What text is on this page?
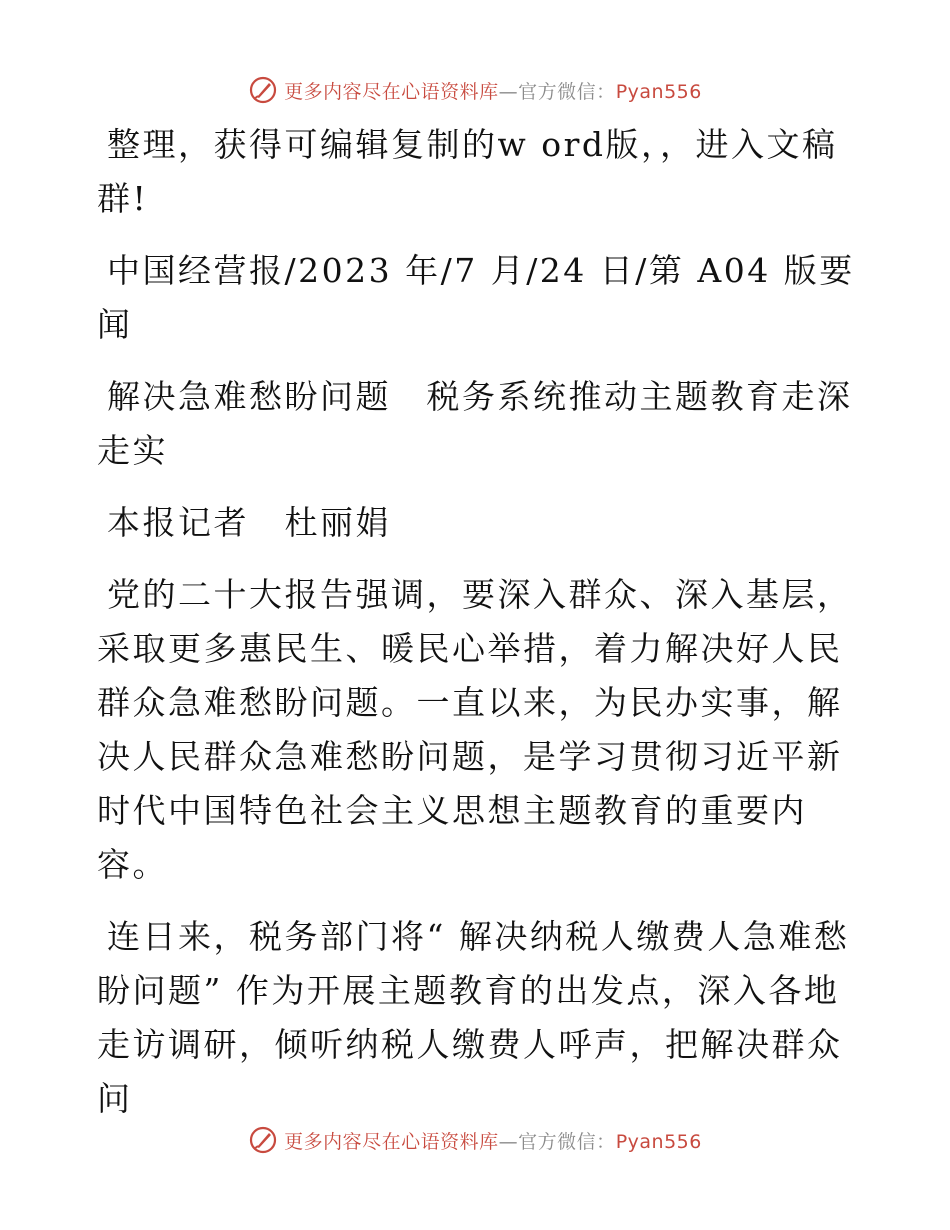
更多内容尽在心语资料库—官方微信：Pyan556

整理，获得可编辑复制的w ord版，，进入文稿群!

中国经营报/2023 年/7 月/24 日/第 A04 版要闻

解决急难愁盼问题　税务系统推动主题教育走深走实

本报记者　杜丽娟

党的二十大报告强调，要深入群众、深入基层，采取更多惠民生、暖民心举措，着力解决好人民群众急难愁盼问题。一直以来，为民办实事，解决人民群众急难愁盼问题，是学习贯彻习近平新时代中国特色社会主义思想主题教育的重要内容。

连日来，税务部门将“ 解决纳税人缴费人急难愁盼问题” 作为开展主题教育的出发点，深入各地走访调研，倾听纳税人缴费人呼声，把解决群众问

更多内容尽在心语资料库—官方微信：Pyan556
